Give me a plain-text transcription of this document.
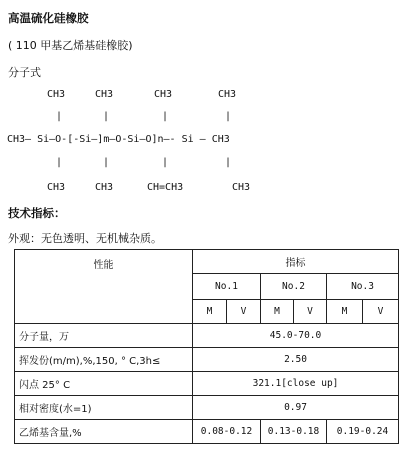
高温硫化硅橡胶
( 110 甲基乙烯基硅橡胶)
分子式
CH3	CH3	CH3	CH3
|	|	|	|
CH3— Si—O-[-Si—]m—O-Si—O]n—- Si — CH3
|	|	|	|
CH3	CH3	CH=CH3	CH3
技术指标：
外观：无色透明、无机械杂质。
性能	指标					
	No.1		No.2		No.3	
	M	V	M	V	M	V
分子量，万	45.0-70.0					
挥发份(m/m),%,150, ° C,3h≤	2.50					
闪点 25° C	321.1[close up]					
相对密度(水=1)	0.97					
乙烯基含量,%	0.08-0.12		0.13-0.18		0.19-0.24	
